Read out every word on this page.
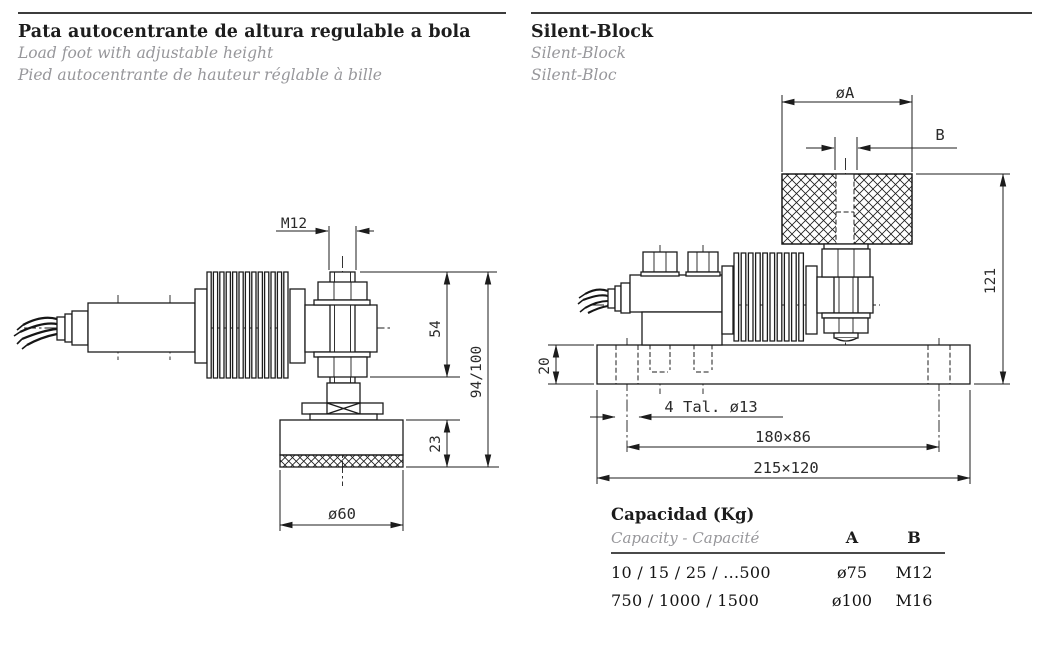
Pata autocentrante de altura regulable a bola
Load foot with adjustable height
Pied autocentrante de hauteur réglable à bille
Silent-Block
Silent-Block
Silent-Bloc
M12
54
94/100
23
ø60
øA
B
121
20
4 Tal. ø13
180×86
215×120
Capacidad (Kg)
Capacity - Capacité	A	B
10 / 15 / 25 / ...500	ø75	M12
750 / 1000 / 1500	ø100	M16
